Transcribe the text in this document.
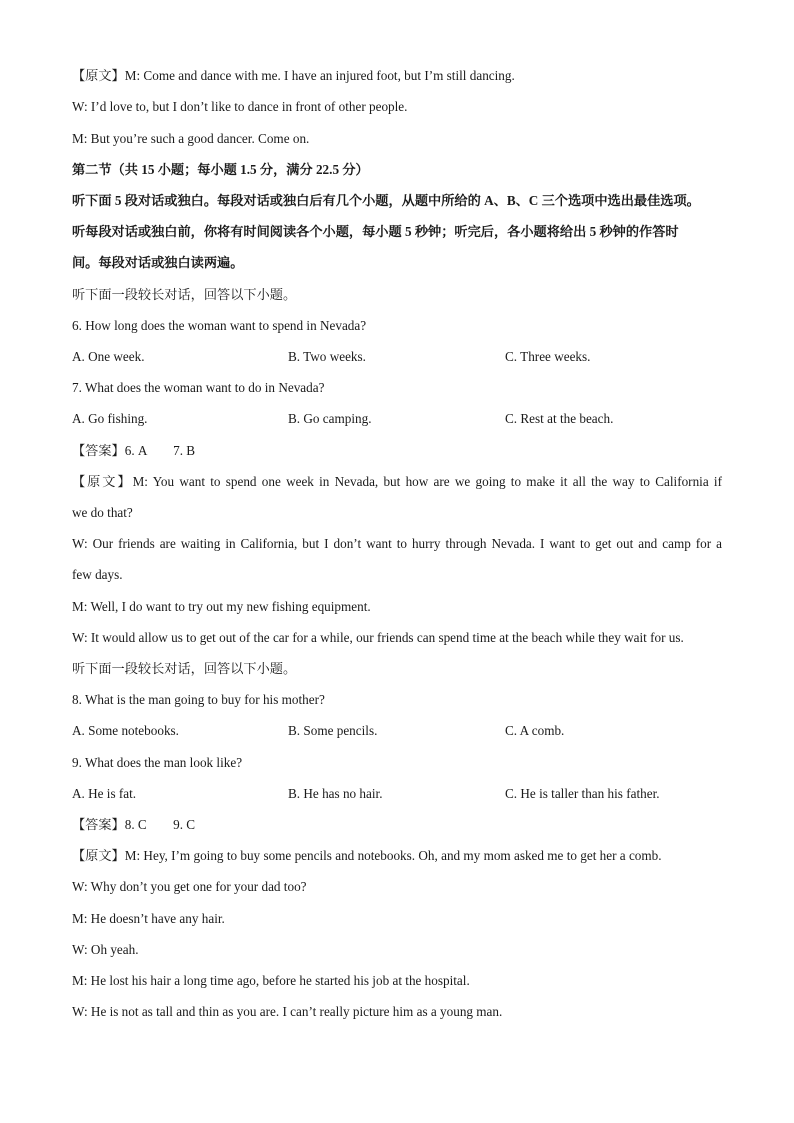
【原文】M: Come and dance with me. I have an injured foot, but I’m still dancing.
W: I’d love to, but I don’t like to dance in front of other people.
M: But you’re such a good dancer. Come on.
第二节（共 15 小题；每小题 1.5 分，满分 22.5 分）
听下面 5 段对话或独白。每段对话或独白后有几个小题，从题中所给的 A、B、C 三个选项中选出最佳选项。
听每段对话或独白前，你将有时间阅读各个小题，每小题 5 秒钟；听完后，各小题将给出 5 秒钟的作答时
间。每段对话或独白读两遍。
听下面一段较长对话，回答以下小题。
6. How long does the woman want to spend in Nevada?
A. One week.	B. Two weeks.	C. Three weeks.
7. What does the woman want to do in Nevada?
A. Go fishing.	B. Go camping.	C. Rest at the beach.
【答案】6. A　　7. B
【原文】M: You want to spend one week in Nevada, but how are we going to make it all the way to California if
we do that?
W: Our friends are waiting in California, but I don’t want to hurry through Nevada. I want to get out and camp for a
few days.
M: Well, I do want to try out my new fishing equipment.
W: It would allow us to get out of the car for a while, our friends can spend time at the beach while they wait for us.
听下面一段较长对话，回答以下小题。
8. What is the man going to buy for his mother?
A. Some notebooks.	B. Some pencils.	C. A comb.
9. What does the man look like?
A. He is fat.	B. He has no hair.	C. He is taller than his father.
【答案】8. C　　9. C
【原文】M: Hey, I’m going to buy some pencils and notebooks. Oh, and my mom asked me to get her a comb.
W: Why don’t you get one for your dad too?
M: He doesn’t have any hair.
W: Oh yeah.
M: He lost his hair a long time ago, before he started his job at the hospital.
W: He is not as tall and thin as you are. I can’t really picture him as a young man.
